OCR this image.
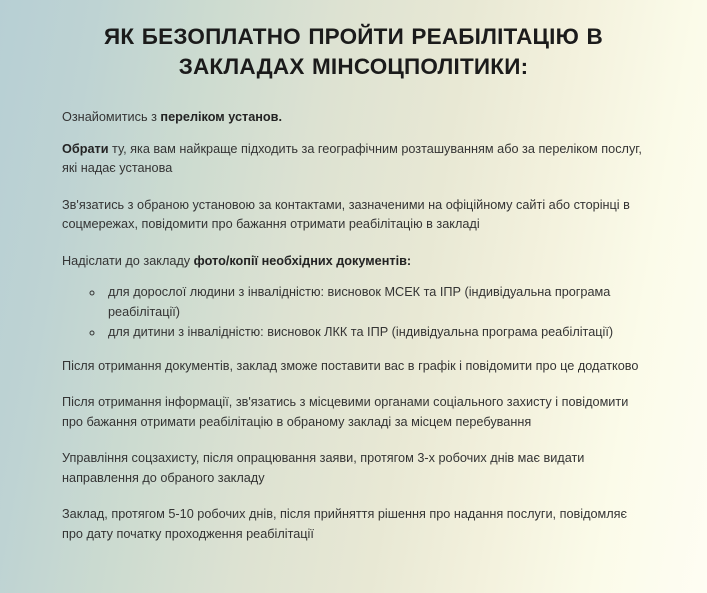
ЯК БЕЗОПЛАТНО ПРОЙТИ РЕАБІЛІТАЦІЮ В ЗАКЛАДАХ МІНСОЦПОЛІТИКИ:

Ознайомитись з переліком установ.

Обрати ту, яка вам найкраще підходить за географічним розташуванням або за переліком послуг, які надає установа

Зв'язатись з обраною установою за контактами, зазначеними на офіційному сайті або сторінці в соцмережах, повідомити про бажання отримати реабілітацію в закладі

Надіслати до закладу фото/копії необхідних документів:

◦ для дорослої людини з інвалідністю: висновок МСЕК та ІПР (індивідуальна програма реабілітації)
◦ для дитини з інвалідністю: висновок ЛКК та ІПР (індивідуальна програма реабілітації)

Після отримання документів, заклад зможе поставити вас в графік і повідомити про це додатково

Після отримання інформації, зв'язатись з місцевими органами соціального захисту і повідомити про бажання отримати реабілітацію в обраному закладі за місцем перебування

Управління соцзахисту, після опрацювання заяви, протягом 3-х робочих днів має видати направлення до обраного закладу

Заклад, протягом 5-10 робочих днів, після прийняття рішення про надання послуги, повідомляє про дату початку проходження реабілітації
